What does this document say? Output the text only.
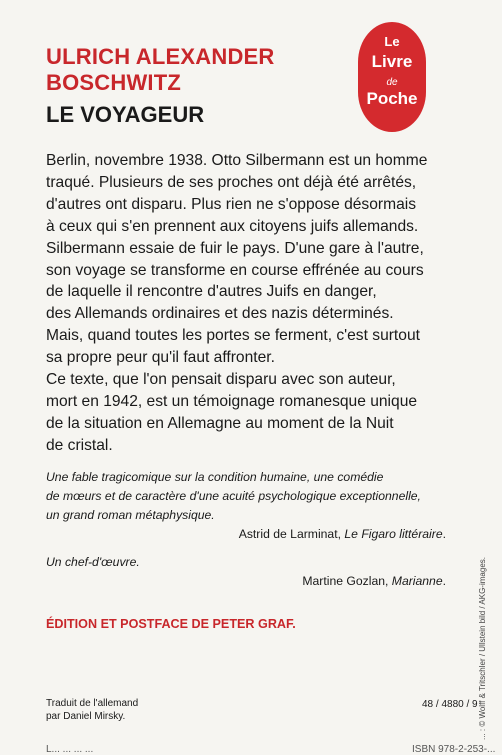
ULRICH ALEXANDER BOSCHWITZ
LE VOYAGEUR
Le
Livre
de
Poche
Berlin, novembre 1938. Otto Silbermann est un homme
traqué. Plusieurs de ses proches ont déjà été arrêtés,
d'autres ont disparu. Plus rien ne s'oppose désormais
à ceux qui s'en prennent aux citoyens juifs allemands.
Silbermann essaie de fuir le pays. D'une gare à l'autre,
son voyage se transforme en course effrénée au cours
de laquelle il rencontre d'autres Juifs en danger,
des Allemands ordinaires et des nazis déterminés.
Mais, quand toutes les portes se ferment, c'est surtout
sa propre peur qu'il faut affronter.
Ce texte, que l'on pensait disparu avec son auteur,
mort en 1942, est un témoignage romanesque unique
de la situation en Allemagne au moment de la Nuit
de cristal.
Une fable tragicomique sur la condition humaine, une comédie
de mœurs et de caractère d'une acuité psychologique exceptionnelle,
un grand roman métaphysique.
Astrid de Larminat, Le Figaro littéraire.
Un chef-d'œuvre.
Martine Gozlan, Marianne.
ÉDITION ET POSTFACE DE PETER GRAF.
Traduit de l'allemand
par Daniel Mirsky.
L... ... ... ...
48 / 4880 / 9
ISBN 978-2-253-...
... : © Wolff & Tritschler / Ullstein bild / AKG-images.
